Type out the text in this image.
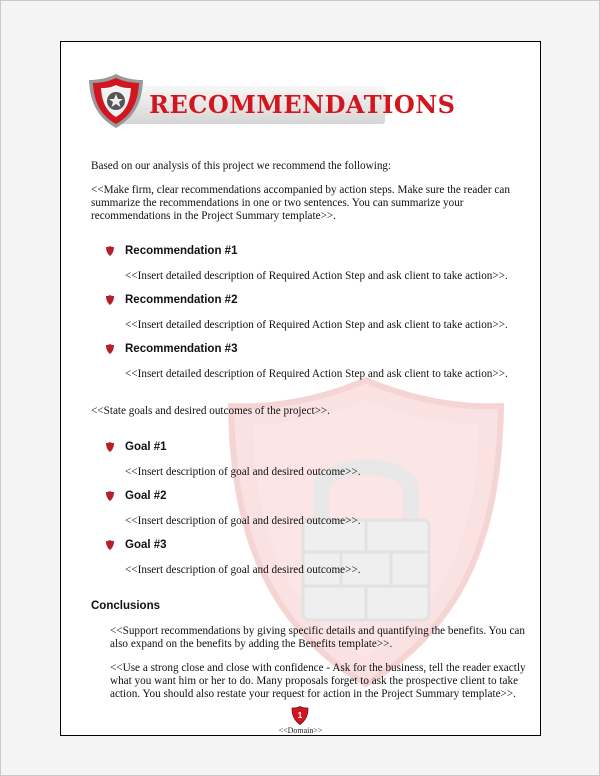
RECOMMENDATIONS
Based on our analysis of this project we recommend the following:
<<Make firm, clear recommendations accompanied by action steps. Make sure the reader can summarize the recommendations in one or two sentences. You can summarize your recommendations in the Project Summary template>>.
Recommendation #1
<<Insert detailed description of Required Action Step and ask client to take action>>.
Recommendation #2
<<Insert detailed description of Required Action Step and ask client to take action>>.
Recommendation #3
<<Insert detailed description of Required Action Step and ask client to take action>>.
<<State goals and desired outcomes of the project>>.
Goal #1
<<Insert description of goal and desired outcome>>.
Goal #2
<<Insert description of goal and desired outcome>>.
Goal #3
<<Insert description of goal and desired outcome>>.
Conclusions
<<Support recommendations by giving specific details and quantifying the benefits. You can also expand on the benefits by adding the Benefits template>>.
<<Use a strong close and close with confidence - Ask for the business, tell the reader exactly what you want him or her to do. Many proposals forget to ask the prospective client to take action. You should also restate your request for action in the Project Summary template>>.
1
<<Domain>>
